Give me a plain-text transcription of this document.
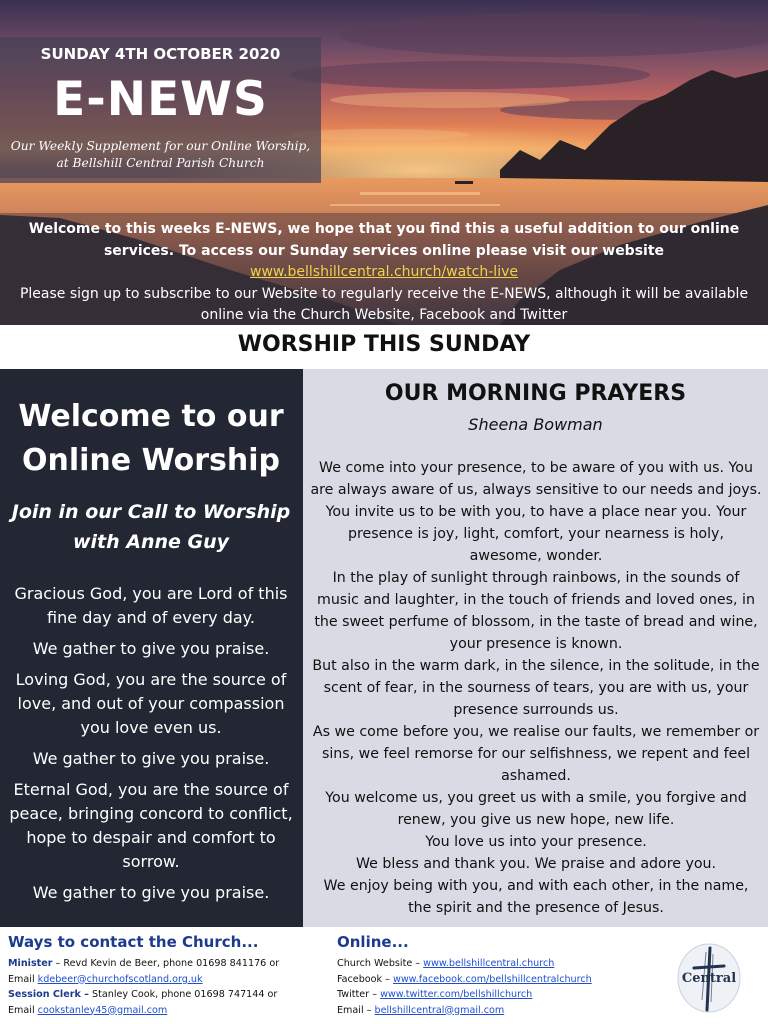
SUNDAY 4TH OCTOBER 2020
E-NEWS
Our Weekly Supplement for our Online Worship,
at Bellshill Central Parish Church
Welcome to this weeks E-NEWS, we hope that you find this a useful addition to our online services. To access our Sunday services online please visit our website
www.bellshillcentral.church/watch-live
Please sign up to subscribe to our Website to regularly receive the E-NEWS, although it will be available online via the Church Website, Facebook and Twitter
WORSHIP THIS SUNDAY
Welcome to our Online Worship
Join in our Call to Worship with Anne Guy

Gracious God, you are Lord of this fine day and of every day.

We gather to give you praise.

Loving God, you are the source of love, and out of your compassion you love even us.

We gather to give you praise.

Eternal God, you are the source of peace, bringing concord to conflict, hope to despair and comfort to sorrow.

We gather to give you praise.

OUR MORNING PRAYERS
Sheena Bowman

We come into your presence, to be aware of you with us. You are always aware of us, always sensitive to our needs and joys. You invite us to be with you, to have a place near you. Your presence is joy, light, comfort, your nearness is holy, awesome, wonder.

In the play of sunlight through rainbows, in the sounds of music and laughter, in the touch of friends and loved ones, in the sweet perfume of blossom, in the taste of bread and wine, your presence is known.

But also in the warm dark, in the silence, in the solitude, in the scent of fear, in the sourness of tears, you are with us, your presence surrounds us.

As we come before you, we realise our faults, we remember or sins, we feel remorse for our selfishness, we repent and feel ashamed.

You welcome us, you greet us with a smile, you forgive and renew, you give us new hope, new life.

You love us into your presence.

We bless and thank you. We praise and adore you.

We enjoy being with you, and with each other, in the name, the spirit and the presence of Jesus.

Ways to contact the Church...
Minister – Revd Kevin de Beer, phone 01698 841176 or
Email kdebeer@churchofscotland.org.uk
Session Clerk – Stanley Cook, phone 01698 747144 or
Email cookstanley45@gmail.com
Online...
Church Website – www.bellshillcentral.church
Facebook – www.facebook.com/bellshillcentralchurch
Twitter – www.twitter.com/bellshillchurch
Email – bellshillcentral@gmail.com
Central
